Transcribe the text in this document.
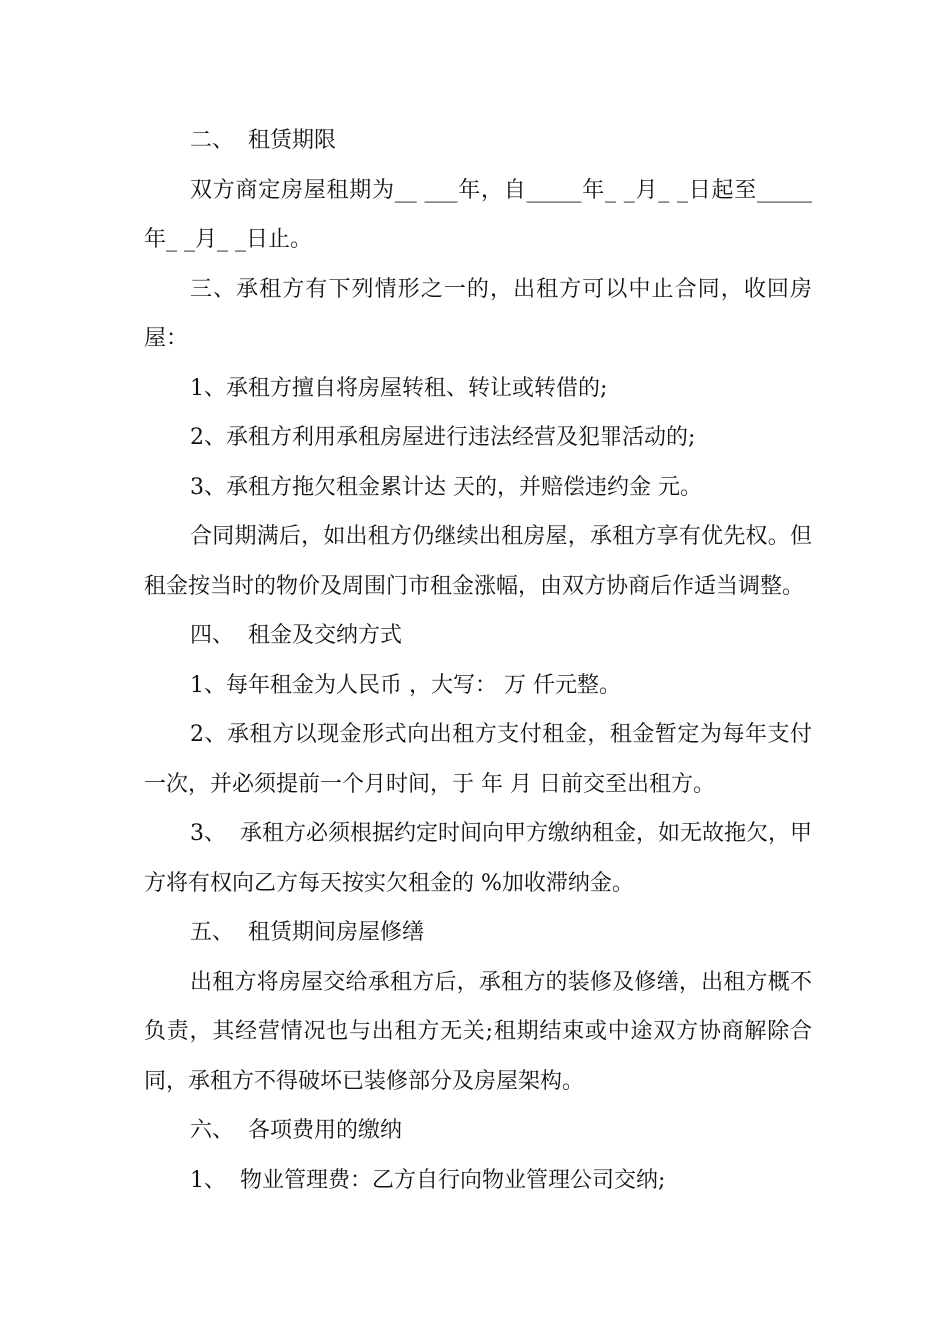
二、  租赁期限

双方商定房屋租期为__ ___年，自_____年_ _月_ _日起至_____年_ _月_ _日止。

三、承租方有下列情形之一的，出租方可以中止合同，收回房屋：

1、承租方擅自将房屋转租、转让或转借的;

2、承租方利用承租房屋进行违法经营及犯罪活动的;

3、承租方拖欠租金累计达 天的，并赔偿违约金 元。

合同期满后，如出租方仍继续出租房屋，承租方享有优先权。但租金按当时的物价及周围门市租金涨幅，由双方协商后作适当调整。

四、  租金及交纳方式

1、每年租金为人民币 ，大写： 万 仟元整。

2、承租方以现金形式向出租方支付租金，租金暂定为每年支付一次，并必须提前一个月时间，于 年 月 日前交至出租方。

3、  承租方必须根据约定时间向甲方缴纳租金，如无故拖欠，甲方将有权向乙方每天按实欠租金的 %加收滞纳金。

五、  租赁期间房屋修缮

出租方将房屋交给承租方后，承租方的装修及修缮，出租方概不负责，其经营情况也与出租方无关;租期结束或中途双方协商解除合同，承租方不得破坏已装修部分及房屋架构。

六、  各项费用的缴纳

1、  物业管理费：乙方自行向物业管理公司交纳;
